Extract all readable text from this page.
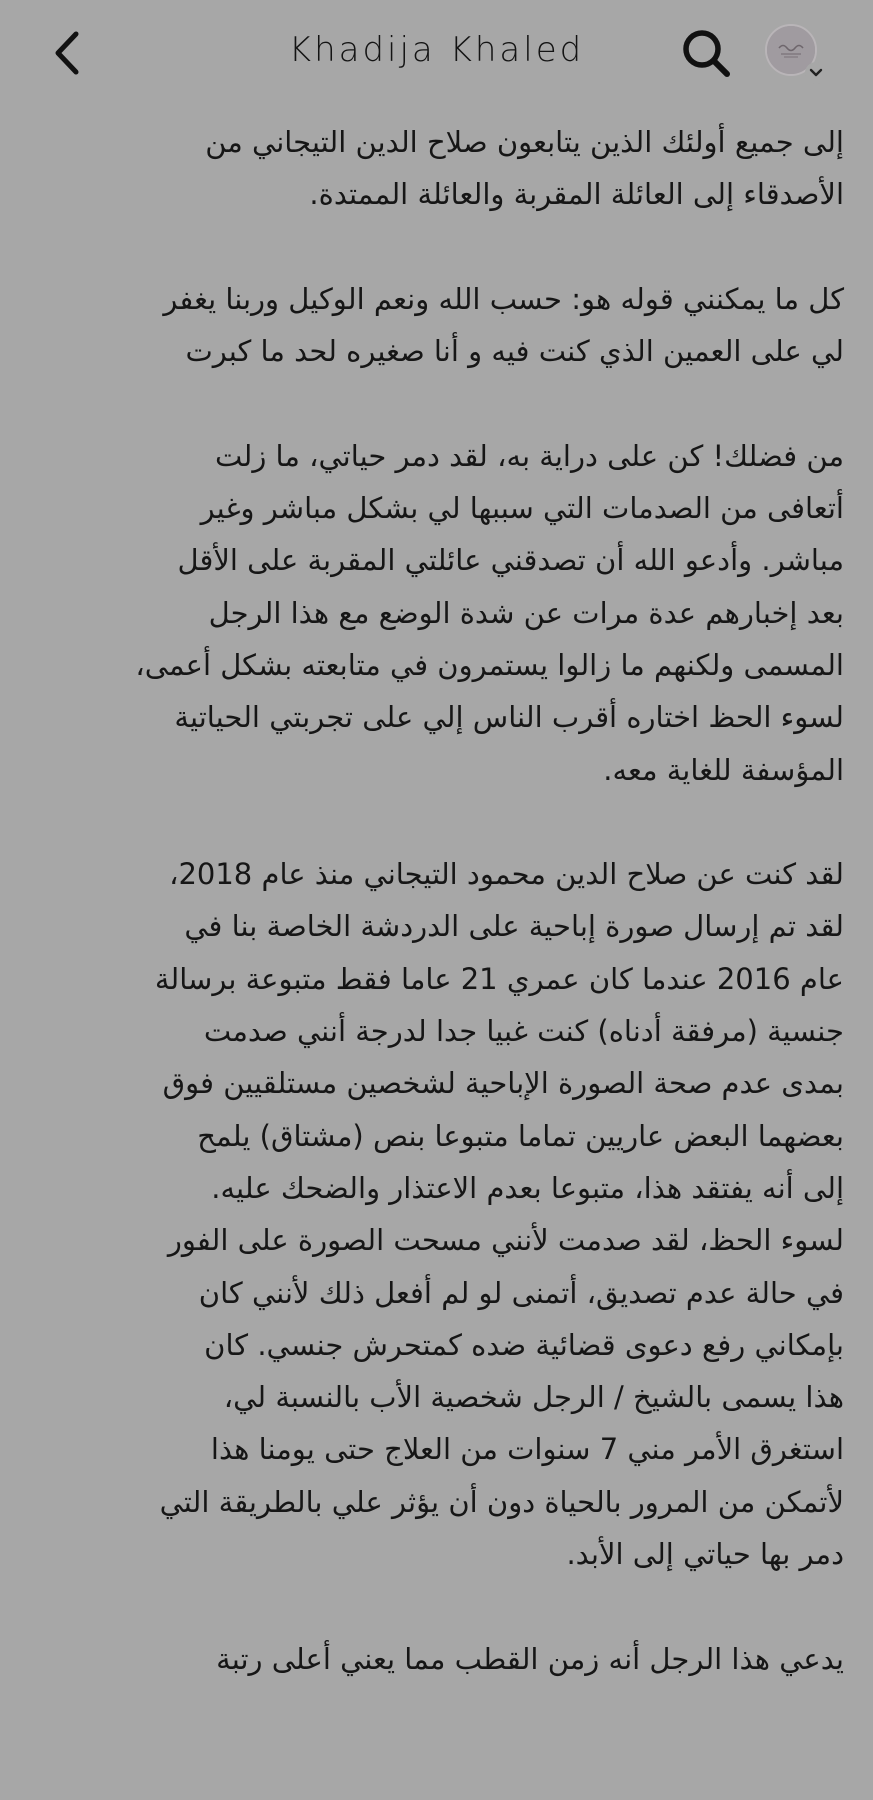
Khadija Khaled
إلى جميع أولئك الذين يتابعون صلاح الدين التيجاني من
الأصدقاء إلى العائلة المقربة والعائلة الممتدة.
كل ما يمكنني قوله هو: حسب الله ونعم الوكيل وربنا يغفر
لي على العمين الذي كنت فيه و أنا صغيره لحد ما كبرت
من فضلك! كن على دراية به، لقد دمر حياتي، ما زلت
أتعافى من الصدمات التي سببها لي بشكل مباشر وغير
مباشر. وأدعو الله أن تصدقني عائلتي المقربة على الأقل
بعد إخبارهم عدة مرات عن شدة الوضع مع هذا الرجل
المسمى ولكنهم ما زالوا يستمرون في متابعته بشكل أعمى،
لسوء الحظ اختاره أقرب الناس إلي على تجربتي الحياتية
المؤسفة للغاية معه.
لقد كنت عن صلاح الدين محمود التيجاني منذ عام 2018،
لقد تم إرسال صورة إباحية على الدردشة الخاصة بنا في
عام 2016 عندما كان عمري 21 عاما فقط متبوعة برسالة
جنسية (مرفقة أدناه) كنت غبيا جدا لدرجة أنني صدمت
بمدى عدم صحة الصورة الإباحية لشخصين مستلقيين فوق
بعضهما البعض عاريين تماما متبوعا بنص (مشتاق) يلمح
إلى أنه يفتقد هذا، متبوعا بعدم الاعتذار والضحك عليه.
لسوء الحظ، لقد صدمت لأنني مسحت الصورة على الفور
في حالة عدم تصديق، أتمنى لو لم أفعل ذلك لأنني كان
بإمكاني رفع دعوى قضائية ضده كمتحرش جنسي. كان
هذا يسمى بالشيخ / الرجل شخصية الأب بالنسبة لي،
استغرق الأمر مني 7 سنوات من العلاج حتى يومنا هذا
لأتمكن من المرور بالحياة دون أن يؤثر علي بالطريقة التي
دمر بها حياتي إلى الأبد.
يدعي هذا الرجل أنه زمن القطب مما يعني أعلى رتبة
